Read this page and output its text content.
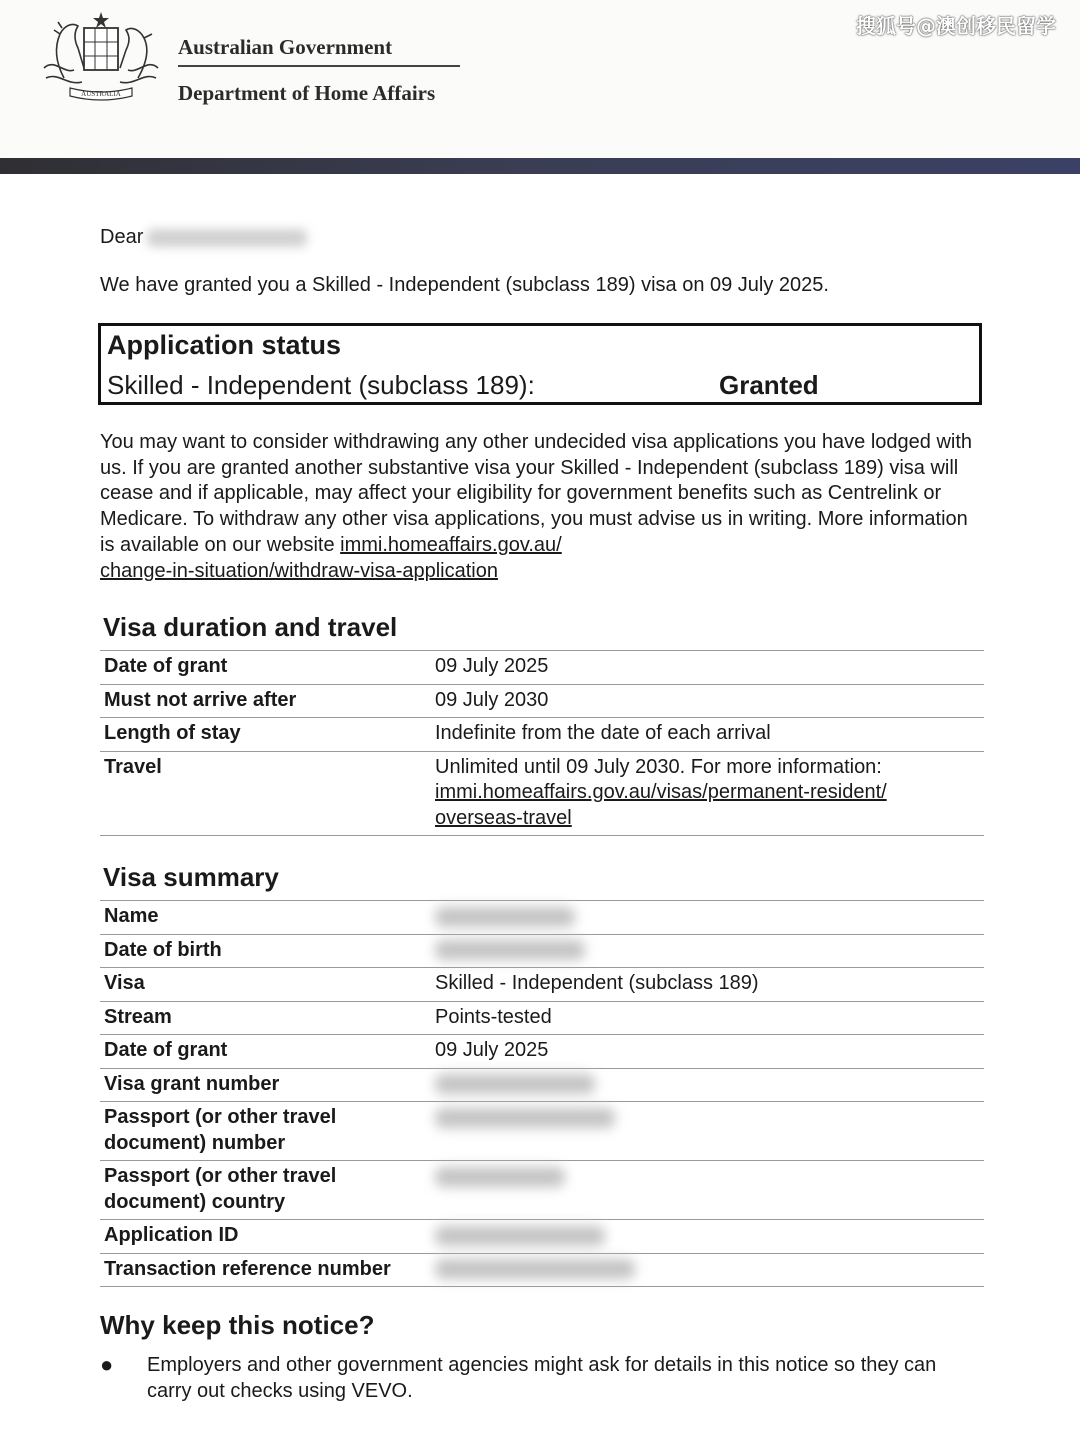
AUSTRALIA
Australian Government
Department of Home Affairs
搜狐号@澳创移民留学
Dear
We have granted you a Skilled - Independent (subclass 189) visa on 09 July 2025.
Application status
Skilled - Independent (subclass 189):	Granted
You may want to consider withdrawing any other undecided visa applications you have lodged with us. If you are granted another substantive visa your Skilled - Independent (subclass 189) visa will cease and if applicable, may affect your eligibility for government benefits such as Centrelink or Medicare. To withdraw any other visa applications, you must advise us in writing. More information is available on our website immi.homeaffairs.gov.au/
change-in-situation/withdraw-visa-application
Visa duration and travel
Date of grant	09 July 2025
Must not arrive after	09 July 2030
Length of stay	Indefinite from the date of each arrival
Travel	Unlimited until 09 July 2030. For more information:
immi.homeaffairs.gov.au/visas/permanent-resident/
overseas-travel
Visa summary
Name	
Date of birth	
Visa	Skilled - Independent (subclass 189)
Stream	Points-tested
Date of grant	09 July 2025
Visa grant number	
Passport (or other travel document) number	
Passport (or other travel document) country	
Application ID	
Transaction reference number	
Why keep this notice?
● Employers and other government agencies might ask for details in this notice so they can carry out checks using VEVO.
